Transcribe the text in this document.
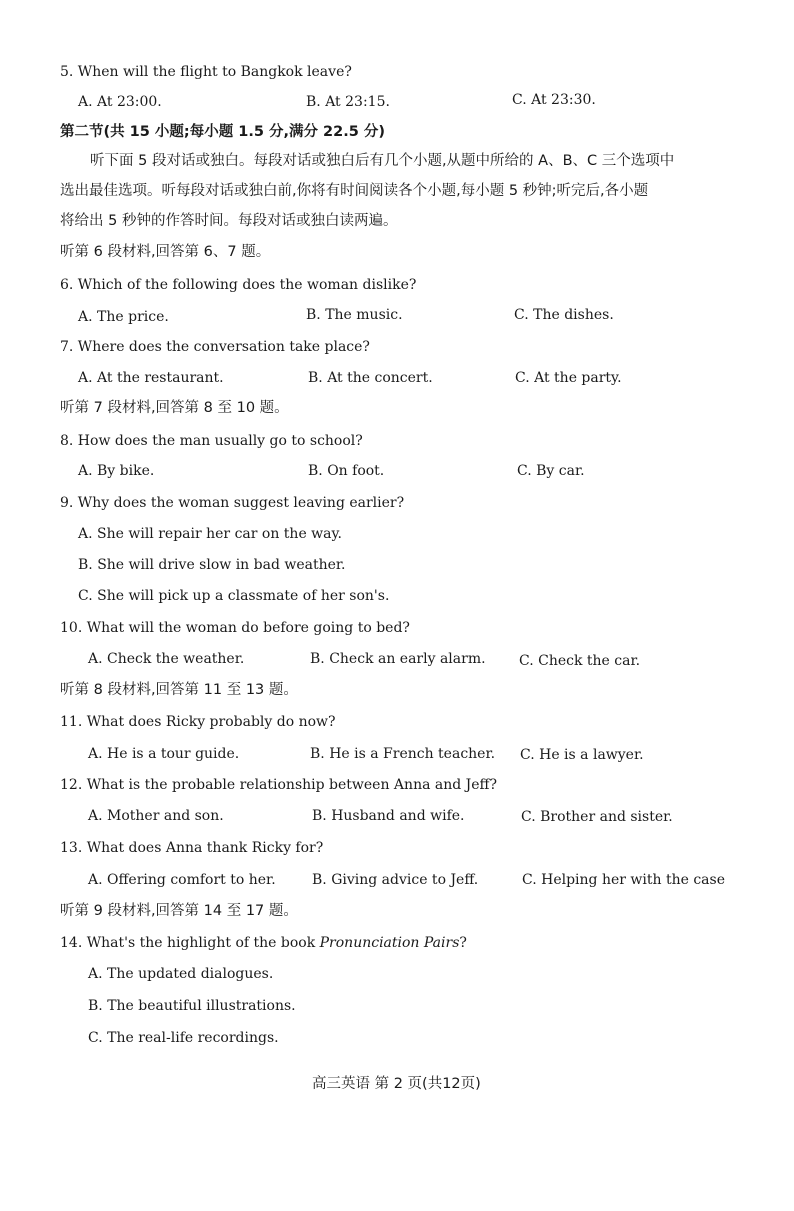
5. When will the flight to Bangkok leave?
A. At 23:00.	B. At 23:15.	C. At 23:30.
第二节(共 15 小题;每小题 1.5 分,满分 22.5 分)
听下面 5 段对话或独白。每段对话或独白后有几个小题,从题中所给的 A、B、C 三个选项中
选出最佳选项。听每段对话或独白前,你将有时间阅读各个小题,每小题 5 秒钟;听完后,各小题
将给出 5 秒钟的作答时间。每段对话或独白读两遍。
听第 6 段材料,回答第 6、7 题。
6. Which of the following does the woman dislike?
A. The price.	B. The music.	C. The dishes.
7. Where does the conversation take place?
A. At the restaurant.	B. At the concert.	C. At the party.
听第 7 段材料,回答第 8 至 10 题。
8. How does the man usually go to school?
A. By bike.	B. On foot.	C. By car.
9. Why does the woman suggest leaving earlier?
A. She will repair her car on the way.
B. She will drive slow in bad weather.
C. She will pick up a classmate of her son's.
10. What will the woman do before going to bed?
A. Check the weather.	B. Check an early alarm. C. Check the car.
听第 8 段材料,回答第 11 至 13 题。
11. What does Ricky probably do now?
A. He is a tour guide.	B. He is a French teacher. C. He is a lawyer.
12. What is the probable relationship between Anna and Jeff?
A. Mother and son.	B. Husband and wife.	C. Brother and sister.
13. What does Anna thank Ricky for?
A. Offering comfort to her.	B. Giving advice to Jeff.	C. Helping her with the case
听第 9 段材料,回答第 14 至 17 题。
14. What's the highlight of the book Pronunciation Pairs?
A. The updated dialogues.
B. The beautiful illustrations.
C. The real-life recordings.
高三英语 第 2 页(共12页)
